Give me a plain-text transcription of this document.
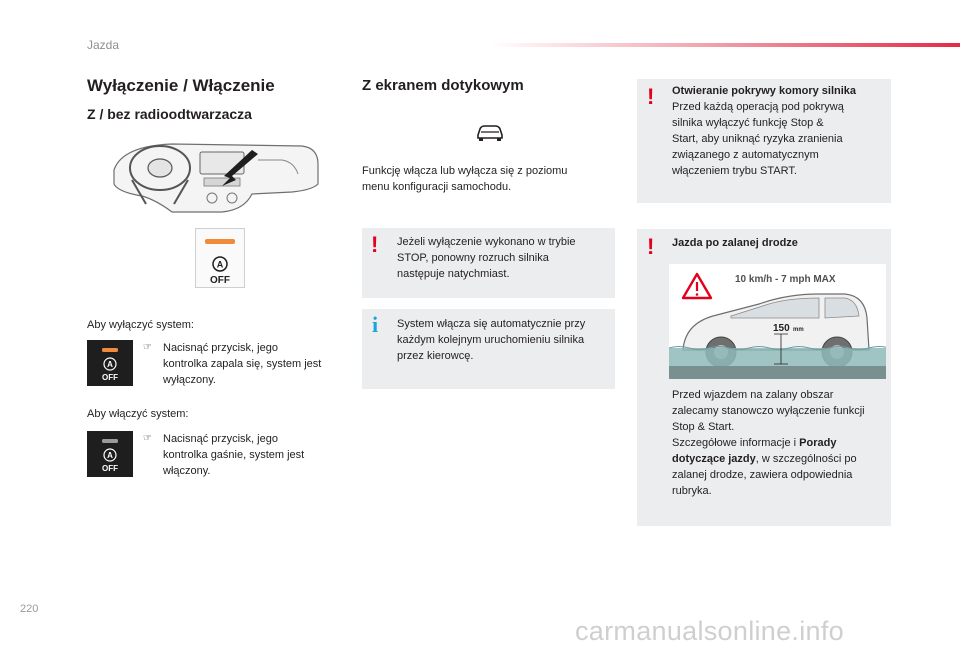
Jazda
Wyłączenie / Włączenie
Z / bez radioodtwarzacza
A
OFF
Aby wyłączyć system:
A
OFF
☞ Nacisnąć przycisk, jego
kontrolka zapala się, system jest
wyłączony.
Aby włączyć system:
A
OFF
☞ Nacisnąć przycisk, jego
kontrolka gaśnie, system jest
włączony.
Z ekranem dotykowym
Funkcję włącza lub wyłącza się z poziomu
menu konfiguracji samochodu.
! Jeżeli wyłączenie wykonano w trybie
STOP, ponowny rozruch silnika
następuje natychmiast.
i System włącza się automatycznie przy
każdym kolejnym uruchomieniu silnika
przez kierowcę.
! Otwieranie pokrywy komory silnika
Przed każdą operacją pod pokrywą
silnika wyłączyć funkcję Stop &
Start, aby uniknąć ryzyka zranienia
związanego z automatycznym
włączeniem trybu START.
! Jazda po zalanej drodze
10 km/h - 7 mph MAX
150 mm
Przed wjazdem na zalany obszar
zalecamy stanowczo wyłączenie funkcji
Stop & Start.
Szczegółowe informacje i Porady
dotyczące jazdy, w szczególności po
zalanej drodze, zawiera odpowiednia
rubryka.
220
carmanualsonline.info
